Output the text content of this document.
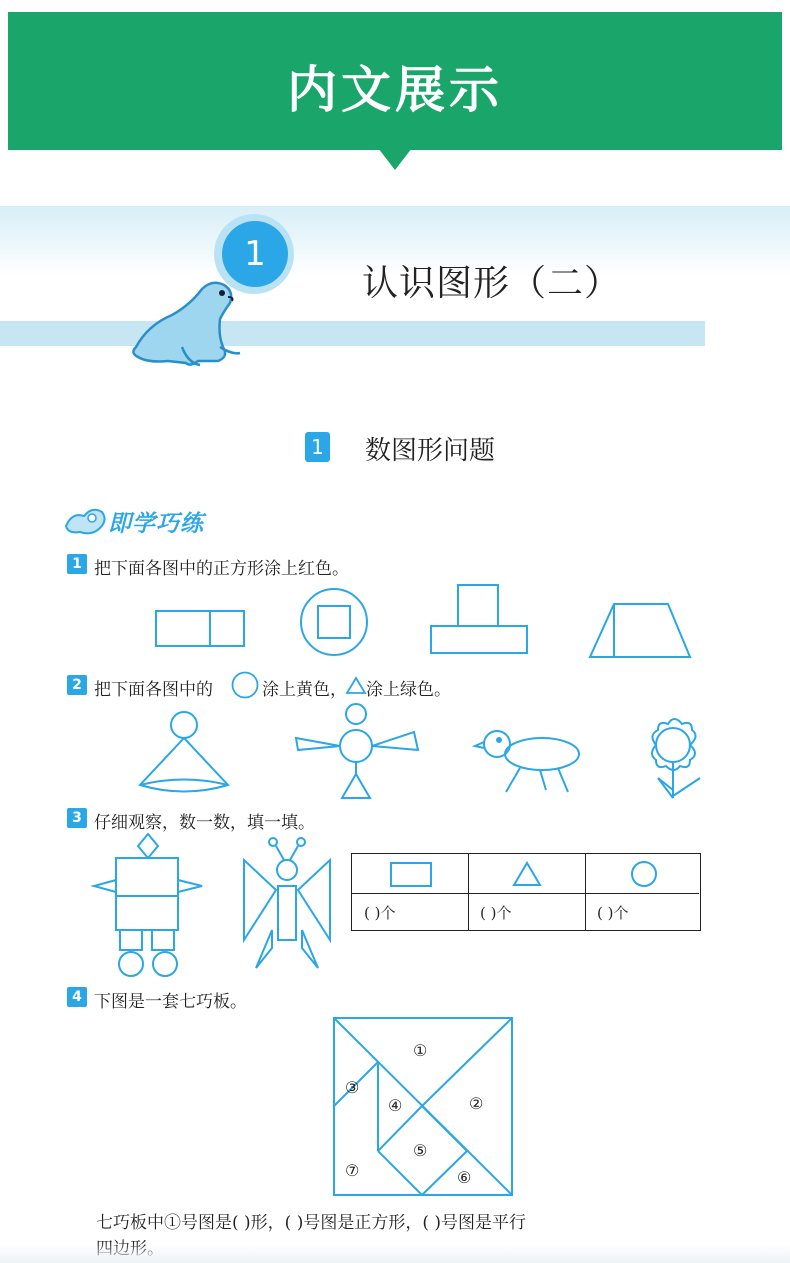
内文展示
1
认识图形（二）
1 数图形问题
即学巧练
1 把下面各图中的正方形涂上红色。
2 把下面各图中的	涂上黄色， 涂上绿色。
3 仔细观察，数一数，填一填。
( )个	( )个	( )个
4 下图是一套七巧板。
①
②
③
④
⑤
⑥
⑦
七巧板中①号图是( )形，( )号图是正方形，( )号图是平行
